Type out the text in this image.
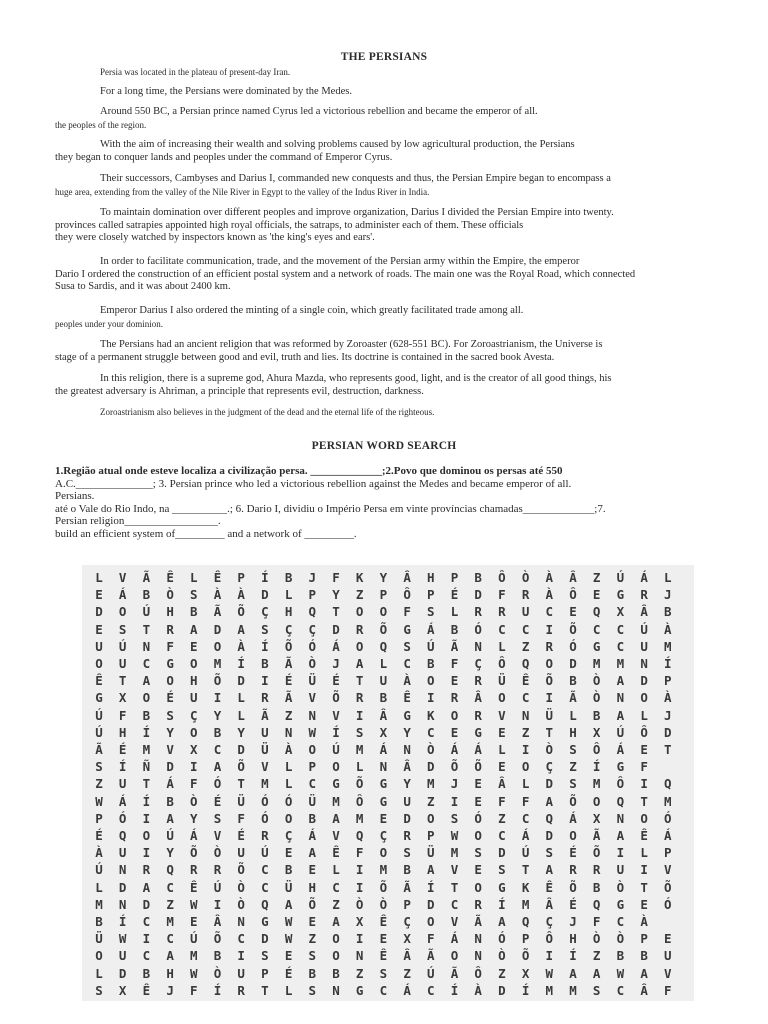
THE PERSIANS
Persia was located in the plateau of present-day Iran.
For a long time, the Persians were dominated by the Medes.
Around 550 BC, a Persian prince named Cyrus led a victorious rebellion and became the emperor of all.
the peoples of the region.
With the aim of increasing their wealth and solving problems caused by low agricultural production, the Persians
they began to conquer lands and peoples under the command of Emperor Cyrus.
Their successors, Cambyses and Darius I, commanded new conquests and thus, the Persian Empire began to encompass a
huge area, extending from the valley of the Nile River in Egypt to the valley of the Indus River in India.
To maintain domination over different peoples and improve organization, Darius I divided the Persian Empire into twenty.
provinces called satrapies appointed high royal officials, the satraps, to administer each of them. These officials
they were closely watched by inspectors known as 'the king's eyes and ears'.
In order to facilitate communication, trade, and the movement of the Persian army within the Empire, the emperor
Dario I ordered the construction of an efficient postal system and a network of roads. The main one was the Royal Road, which connected
Susa to Sardis, and it was about 2400 km.
Emperor Darius I also ordered the minting of a single coin, which greatly facilitated trade among all.
peoples under your dominion.
The Persians had an ancient religion that was reformed by Zoroaster (628-551 BC). For Zoroastrianism, the Universe is
stage of a permanent struggle between good and evil, truth and lies. Its doctrine is contained in the sacred book Avesta.
In this religion, there is a supreme god, Ahura Mazda, who represents good, light, and is the creator of all good things, his
the greatest adversary is Ahriman, a principle that represents evil, destruction, darkness.
Zoroastrianism also believes in the judgment of the dead and the eternal life of the righteous.
PERSIAN WORD SEARCH
1.Região atual onde esteve localiza a civilização persa. _____________;2.Povo que dominou os persas até 550
A.C.______________; 3. Persian prince who led a victorious rebellion against the Medes and became emperor of all.
Persians.
até o Vale do Rio Indo, na __________.; 6. Dario I, dividiu o Império Persa em vinte províncias chamadas_____________;7.
Persian religion_________________.
build an efficient system of_________ and a network of _________.
L	V	Ã	Ê	L	Ê	P	Í	B	J	F	K	Y	Â	H	P	B	Ô	Ò	À	Â	Z	Ú	Á	L
E	Á	B	Ò	S	À	À	D	L	P	Y	Z	P	Ô	P	É	D	F	R	À	Ô	E	G	R	J
D	O	Ú	H	B	Ã	Õ	Ç	H	Q	T	O	O	F	S	L	R	R	U	C	E	Q	X	Â	B
E	S	T	R	A	D	A	S	Ç	Ç	D	R	Õ	G	Á	B	Ó	C	C	I	Õ	C	C	Ú	À
U	Ú	N	F	E	O	À	Í	Õ	Ó	Á	O	Q	S	Ú	Ã	N	L	Z	R	Ó	G	C	U	M
O	U	C	G	O	M	Í	B	Ã	Ò	J	A	L	C	B	F	Ç	Ô	Q	O	D	M	M	N	Í
Ê	T	A	O	H	Õ	D	I	É	Ü	É	T	U	À	O	E	R	Ü	Ê	Õ	B	Ò	A	D	P
G	X	O	É	U	I	L	R	Ã	V	Õ	R	B	Ê	I	R	Â	O	C	I	Ã	Ò	N	O	À
Ú	F	B	S	Ç	Y	L	Ã	Z	N	V	I	Â	G	K	O	R	V	N	Ü	L	B	A	L	J
Ú	H	Í	Y	O	B	Y	U	N	W	Í	S	X	Y	C	E	G	E	Z	T	H	X	Ú	Ô	D
Ã	É	M	V	X	C	D	Ü	À	O	Ú	M	Á	N	Ò	Á	Á	L	I	Ò	S	Ô	Á	E	T
S	Í	Ñ	D	I	A	Õ	V	L	P	O	L	N	Â	D	Õ	Õ	E	O	Ç	Z	Í	G	F
Z	U	T	Á	F	Ó	T	M	L	C	G	Õ	G	Y	M	J	E	Â	L	D	S	M	Ô	I	Q
W	Á	Í	B	Ò	É	Ü	Ó	Ó	Ü	M	Ô	G	U	Z	I	E	F	F	A	Õ	O	Q	T	M
P	Ó	I	A	Y	S	F	Ó	O	B	A	M	E	D	O	S	Ó	Z	C	Q	Á	X	N	O	Ó
É	Q	O	Ú	Á	V	É	R	Ç	Á	V	Q	Ç	R	P	W	O	C	Á	D	O	Ã	A	Ê	Á
À	U	I	Y	Õ	Ò	U	Ú	E	A	Ê	F	O	S	Ü	M	S	D	Ú	S	É	Õ	I	L	P
Ú	N	R	Q	R	R	Õ	C	B	E	L	I	M	B	A	V	E	S	T	A	R	R	U	I	V
L	D	A	C	Ê	Ú	Ò	C	Ü	H	C	I	Õ	Ã	Í	T	O	G	K	Ê	Õ	B	Ò	T	Õ
M	N	D	Z	W	I	Ò	Q	A	Õ	Z	Ò	Ò	P	D	C	R	Í	M	Â	É	Q	G	E	Ó
B	Í	C	M	E	Â	N	G	W	E	A	X	Ê	Ç	O	V	Ã	A	Q	Ç	J	F	C	À
Ü	W	I	C	Ú	Õ	C	D	W	Z	O	I	E	X	F	Á	N	Ó	P	Ô	H	Ò	Ò	P	E
O	U	C	A	M	B	I	S	E	S	O	N	Ê	Â	Ã	O	N	Ò	Õ	I	Í	Z	B	B	U
L	D	B	H	W	Ò	U	P	É	B	B	Z	S	Z	Ú	Ã	Ô	Z	X	W	A	A	W	A	V
S	X	Ê	J	F	Í	R	T	L	S	N	G	C	Á	C	Í	À	D	Í	M	M	S	C	Â	F
